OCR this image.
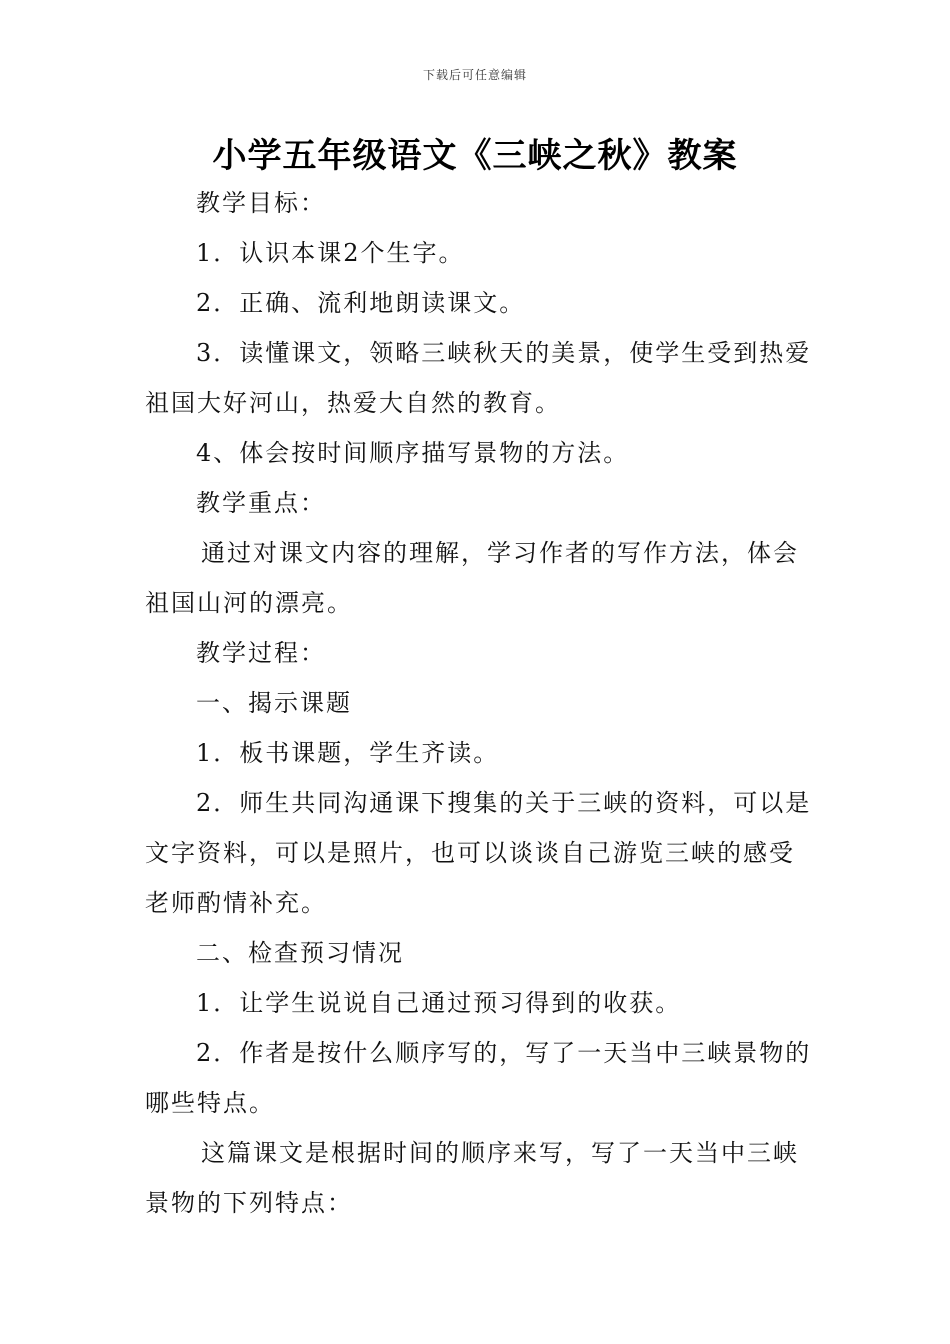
下载后可任意编辑
小学五年级语文《三峡之秋》教案
教学目标：
1．认识本课2个生字。
2．正确、流利地朗读课文。
3．读懂课文，领略三峡秋天的美景，使学生受到热爱
祖国大好河山，热爱大自然的教育。
4、体会按时间顺序描写景物的方法。
教学重点：
通过对课文内容的理解，学习作者的写作方法，体会
祖国山河的漂亮。
教学过程：
一、揭示课题
1．板书课题，学生齐读。
2．师生共同沟通课下搜集的关于三峡的资料，可以是
文字资料，可以是照片，也可以谈谈自己游览三峡的感受
老师酌情补充。
二、检查预习情况
1．让学生说说自己通过预习得到的收获。
2．作者是按什么顺序写的，写了一天当中三峡景物的
哪些特点。
这篇课文是根据时间的顺序来写，写了一天当中三峡
景物的下列特点：
